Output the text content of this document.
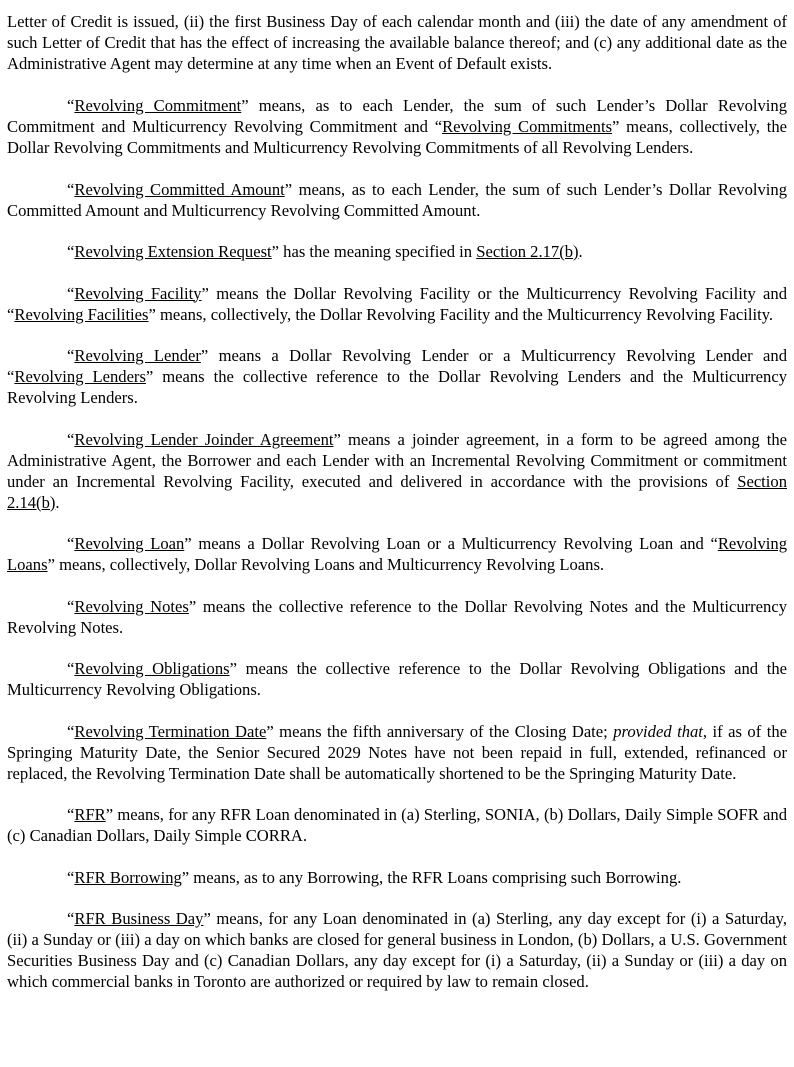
Letter of Credit is issued, (ii) the first Business Day of each calendar month and (iii) the date of any amendment of such Letter of Credit that has the effect of increasing the available balance thereof; and (c) any additional date as the Administrative Agent may determine at any time when an Event of Default exists.

“Revolving Commitment” means, as to each Lender, the sum of such Lender’s Dollar Revolving Commitment and Multicurrency Revolving Commitment and “Revolving Commitments” means, collectively, the Dollar Revolving Commitments and Multicurrency Revolving Commitments of all Revolving Lenders.

“Revolving Committed Amount” means, as to each Lender, the sum of such Lender’s Dollar Revolving Committed Amount and Multicurrency Revolving Committed Amount.

“Revolving Extension Request” has the meaning specified in Section 2.17(b).

“Revolving Facility” means the Dollar Revolving Facility or the Multicurrency Revolving Facility and “Revolving Facilities” means, collectively, the Dollar Revolving Facility and the Multicurrency Revolving Facility.

“Revolving Lender” means a Dollar Revolving Lender or a Multicurrency Revolving Lender and “Revolving Lenders” means the collective reference to the Dollar Revolving Lenders and the Multicurrency Revolving Lenders.

“Revolving Lender Joinder Agreement” means a joinder agreement, in a form to be agreed among the Administrative Agent, the Borrower and each Lender with an Incremental Revolving Commitment or commitment under an Incremental Revolving Facility, executed and delivered in accordance with the provisions of Section 2.14(b).

“Revolving Loan” means a Dollar Revolving Loan or a Multicurrency Revolving Loan and “Revolving Loans” means, collectively, Dollar Revolving Loans and Multicurrency Revolving Loans.

“Revolving Notes” means the collective reference to the Dollar Revolving Notes and the Multicurrency Revolving Notes.

“Revolving Obligations” means the collective reference to the Dollar Revolving Obligations and the Multicurrency Revolving Obligations.

“Revolving Termination Date” means the fifth anniversary of the Closing Date; provided that, if as of the Springing Maturity Date, the Senior Secured 2029 Notes have not been repaid in full, extended, refinanced or replaced, the Revolving Termination Date shall be automatically shortened to be the Springing Maturity Date.

“RFR” means, for any RFR Loan denominated in (a) Sterling, SONIA, (b) Dollars, Daily Simple SOFR and (c) Canadian Dollars, Daily Simple CORRA.

“RFR Borrowing” means, as to any Borrowing, the RFR Loans comprising such Borrowing.

“RFR Business Day” means, for any Loan denominated in (a) Sterling, any day except for (i) a Saturday, (ii) a Sunday or (iii) a day on which banks are closed for general business in London, (b) Dollars, a U.S. Government Securities Business Day and (c) Canadian Dollars, any day except for (i) a Saturday, (ii) a Sunday or (iii) a day on which commercial banks in Toronto are authorized or required by law to remain closed.
